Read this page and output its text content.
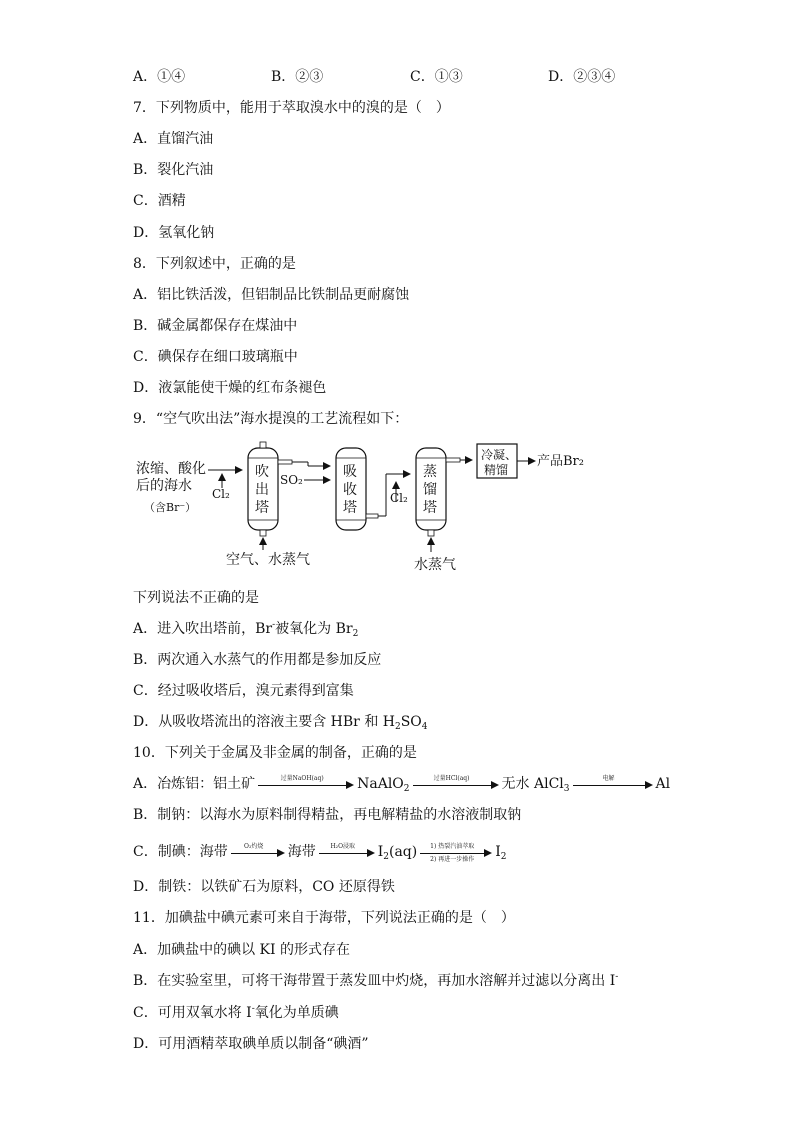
A．①④	B．②③	C．①③	D．②③④
7．下列物质中，能用于萃取溴水中的溴的是（　）
A．直馏汽油
B．裂化汽油
C．酒精
D．氢氧化钠
8．下列叙述中，正确的是
A．铝比铁活泼，但铝制品比铁制品更耐腐蚀
B．碱金属都保存在煤油中
C．碘保存在细口玻璃瓶中
D．液氯能使干燥的红布条褪色
9．“空气吹出法”海水提溴的工艺流程如下：
浓缩、酸化
后的海水
（含Br⁻）
Cl₂
吹
出
塔
SO₂	吸
收
塔
Cl₂
蒸
馏
塔
冷凝、
精馏
产品Br₂
空气、水蒸气	水蒸气
下列说法不正确的是
A．进入吹出塔前，Br-被氧化为 $Br_2$
B．两次通入水蒸气的作用都是参加反应
C．经过吸收塔后，溴元素得到富集
D．从吸收塔流出的溶液主要含 HBr 和 $H_2SO_4$
10．下列关于金属及非金属的制备，正确的是
A．冶炼铝：铝土矿	过量NaOH(aq)	NaAlO$_2$
过量HCl(aq)	无水 AlCl$_3$
电解	Al
B．制钠：以海水为原料制得精盐，再电解精盐的水溶液制取钠
C．制碘：海带	O₂灼烧	海带	H₂O浸取	$I_2(aq)$	1) 热裂汽油萃取
2) 再进一步操作	$I_2$
D．制铁：以铁矿石为原料，CO 还原得铁
11．加碘盐中碘元素可来自于海带，下列说法正确的是（　）
A．加碘盐中的碘以 KI 的形式存在
B．在实验室里，可将干海带置于蒸发皿中灼烧，再加水溶解并过滤以分离出 I-
C．可用双氧水将 I-氧化为单质碘
D．可用酒精萃取碘单质以制备“碘酒”
